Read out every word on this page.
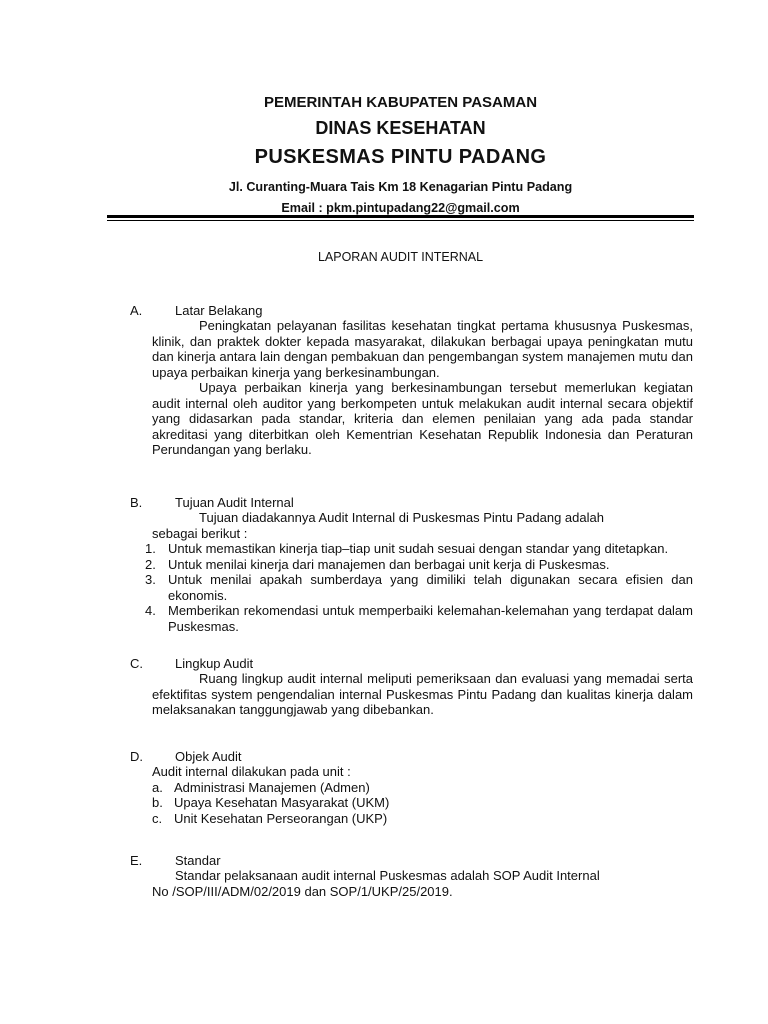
PEMERINTAH KABUPATEN PASAMAN
DINAS KESEHATAN
PUSKESMAS PINTU PADANG
Jl. Curanting-Muara Tais Km 18 Kenagarian Pintu Padang
Email : pkm.pintupadang22@gmail.com
LAPORAN AUDIT INTERNAL
A.	Latar Belakang

Peningkatan pelayanan fasilitas kesehatan tingkat pertama khususnya Puskesmas, klinik, dan praktek dokter kepada masyarakat, dilakukan berbagai upaya peningkatan mutu dan kinerja antara lain dengan pembakuan dan pengembangan system manajemen mutu dan upaya perbaikan kinerja yang berkesinambungan.

Upaya perbaikan kinerja yang berkesinambungan tersebut memerlukan kegiatan audit internal oleh auditor yang berkompeten untuk melakukan audit internal secara objektif yang didasarkan pada standar, kriteria dan elemen penilaian yang ada pada standar akreditasi yang diterbitkan oleh Kementrian Kesehatan Republik Indonesia dan Peraturan Perundangan yang berlaku.

B.	Tujuan Audit Internal

Tujuan diadakannya Audit Internal di Puskesmas Pintu Padang adalah

sebagai berikut :

1. Untuk memastikan kinerja tiap–tiap unit sudah sesuai dengan standar yang ditetapkan.
2. Untuk menilai kinerja dari manajemen dan berbagai unit kerja di Puskesmas.
3. Untuk menilai apakah sumberdaya yang dimiliki telah digunakan secara efisien dan ekonomis.
4. Memberikan rekomendasi untuk memperbaiki kelemahan-kelemahan yang terdapat dalam Puskesmas.
C. Lingkup Audit

Ruang lingkup audit internal meliputi pemeriksaan dan evaluasi yang memadai serta efektifitas system pengendalian internal Puskesmas Pintu Padang dan kualitas kinerja dalam melaksanakan tanggungjawab yang dibebankan.

D. Objek Audit

Audit internal dilakukan pada unit :

a. Administrasi Manajemen (Admen)
b. Upaya Kesehatan Masyarakat (UKM)
c. Unit Kesehatan Perseorangan (UKP)
E.	Standar
Standar pelaksanaan audit internal Puskesmas adalah SOP Audit Internal
No /SOP/III/ADM/02/2019 dan SOP/1/UKP/25/2019.
